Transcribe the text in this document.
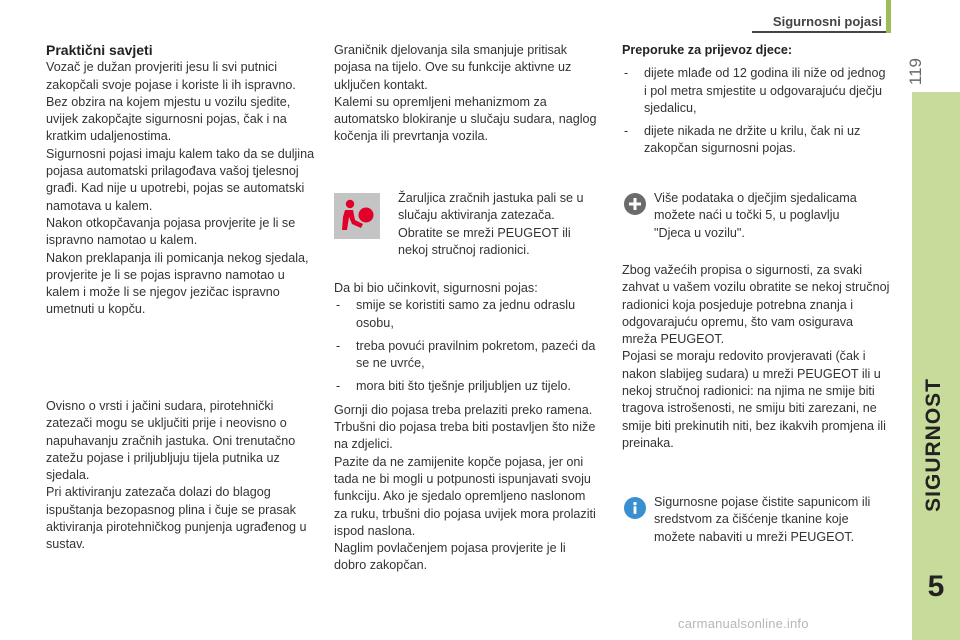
Sigurnosni pojasi
119
SIGURNOST
5

Praktični savjeti

Vozač je dužan provjeriti jesu li svi putnici zakopčali svoje pojase i koriste li ih ispravno.

Bez obzira na kojem mjestu u vozilu sjedite, uvijek zakopčajte sigurnosni pojas, čak i na kratkim udaljenostima.

Sigurnosni pojasi imaju kalem tako da se duljina pojasa automatski prilagođava vašoj tjelesnoj građi. Kad nije u upotrebi, pojas se automatski namotava u kalem.

Nakon otkopčavanja pojasa provjerite je li se ispravno namotao u kalem.

Nakon preklapanja ili pomicanja nekog sjedala, provjerite je li se pojas ispravno namotao u kalem i može li se njegov jezičac ispravno umetnuti u kopču.

Ovisno o vrsti i jačini sudara, pirotehnički zatezači mogu se uključiti prije i neovisno o napuhavanju zračnih jastuka. Oni trenutačno zatežu pojase i priljubljuju tijela putnika uz sjedala.

Pri aktiviranju zatezača dolazi do blagog ispuštanja bezopasnog plina i čuje se prasak aktiviranja pirotehničkog punjenja ugrađenog u sustav.

Graničnik djelovanja sila smanjuje pritisak pojasa na tijelo. Ove su funkcije aktivne uz uključen kontakt.

Kalemi su opremljeni mehanizmom za automatsko blokiranje u slučaju sudara, naglog kočenja ili prevrtanja vozila.

Žaruljica zračnih jastuka pali se u slučaju aktiviranja zatezača. Obratite se mreži PEUGEOT ili nekoj stručnoj radionici.

Da bi bio učinkovit, sigurnosni pojas:

- smije se koristiti samo za jednu odraslu osobu,
- treba povući pravilnim pokretom, pazeći da se ne uvrće,
- mora biti što tješnje priljubljen uz tijelo.

Gornji dio pojasa treba prelaziti preko ramena.

Trbušni dio pojasa treba biti postavljen što niže na zdjelici.

Pazite da ne zamijenite kopče pojasa, jer oni tada ne bi mogli u potpunosti ispunjavati svoju funkciju. Ako je sjedalo opremljeno naslonom za ruku, trbušni dio pojasa uvijek mora prolaziti ispod naslona.

Naglim povlačenjem pojasa provjerite je li dobro zakopčan.

Preporuke za prijevoz djece:

- dijete mlađe od 12 godina ili niže od jednog i pol metra smjestite u odgovarajuću dječju sjedalicu,
- dijete nikada ne držite u krilu, čak ni uz zakopčan sigurnosni pojas.
Više podataka o dječjim sjedalicama možete naći u točki 5, u poglavlju "Djeca u vozilu".

Zbog važećih propisa o sigurnosti, za svaki zahvat u vašem vozilu obratite se nekoj stručnoj radionici koja posjeduje potrebna znanja i odgovarajuću opremu, što vam osigurava mreža PEUGEOT.

Pojasi se moraju redovito provjeravati (čak i nakon slabijeg sudara) u mreži PEUGEOT ili u nekoj stručnoj radionici: na njima ne smije biti tragova istrošenosti, ne smiju biti zarezani, ne smije biti prekinutih niti, bez ikakvih promjena ili preinaka.

Sigurnosne pojase čistite sapunicom ili sredstvom za čišćenje tkanine koje možete nabaviti u mreži PEUGEOT.
carmanualsonline.info
